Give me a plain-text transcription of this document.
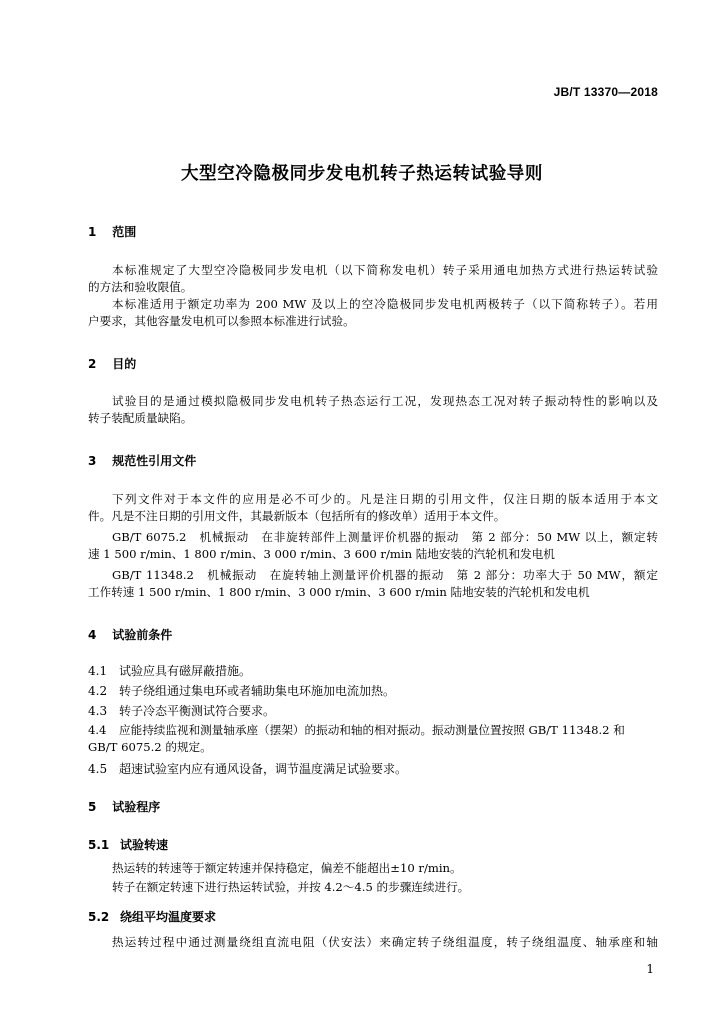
JB/T 13370—2018
大型空冷隐极同步发电机转子热运转试验导则
1 范围
本标准规定了大型空冷隐极同步发电机（以下简称发电机）转子采用通电加热方式进行热运转试验
的方法和验收限值。
本标准适用于额定功率为 200 MW 及以上的空冷隐极同步发电机两极转子（以下简称转子）。若用
户要求，其他容量发电机可以参照本标准进行试验。
2 目的
试验目的是通过模拟隐极同步发电机转子热态运行工况，发现热态工况对转子振动特性的影响以及
转子装配质量缺陷。
3 规范性引用文件
下列文件对于本文件的应用是必不可少的。凡是注日期的引用文件，仅注日期的版本适用于本文
件。凡是不注日期的引用文件，其最新版本（包括所有的修改单）适用于本文件。
GB/T 6075.2　机械振动　在非旋转部件上测量评价机器的振动　第 2 部分：50 MW 以上，额定转
速 1 500 r/min、1 800 r/min、3 000 r/min、3 600 r/min 陆地安装的汽轮机和发电机
GB/T 11348.2　机械振动　在旋转轴上测量评价机器的振动　第 2 部分：功率大于 50 MW，额定
工作转速 1 500 r/min、1 800 r/min、3 000 r/min、3 600 r/min 陆地安装的汽轮机和发电机
4 试验前条件
4.1 试验应具有磁屏蔽措施。
4.2 转子绕组通过集电环或者辅助集电环施加电流加热。
4.3 转子冷态平衡测试符合要求。
4.4 应能持续监视和测量轴承座（摆架）的振动和轴的相对振动。振动测量位置按照 GB/T 11348.2 和
GB/T 6075.2 的规定。
4.5 超速试验室内应有通风设备，调节温度满足试验要求。
5 试验程序
5.1 试验转速
热运转的转速等于额定转速并保持稳定，偏差不能超出±10 r/min。
转子在额定转速下进行热运转试验，并按 4.2～4.5 的步骤连续进行。
5.2 绕组平均温度要求
热运转过程中通过测量绕组直流电阻（伏安法）来确定转子绕组温度，转子绕组温度、轴承座和轴
1
